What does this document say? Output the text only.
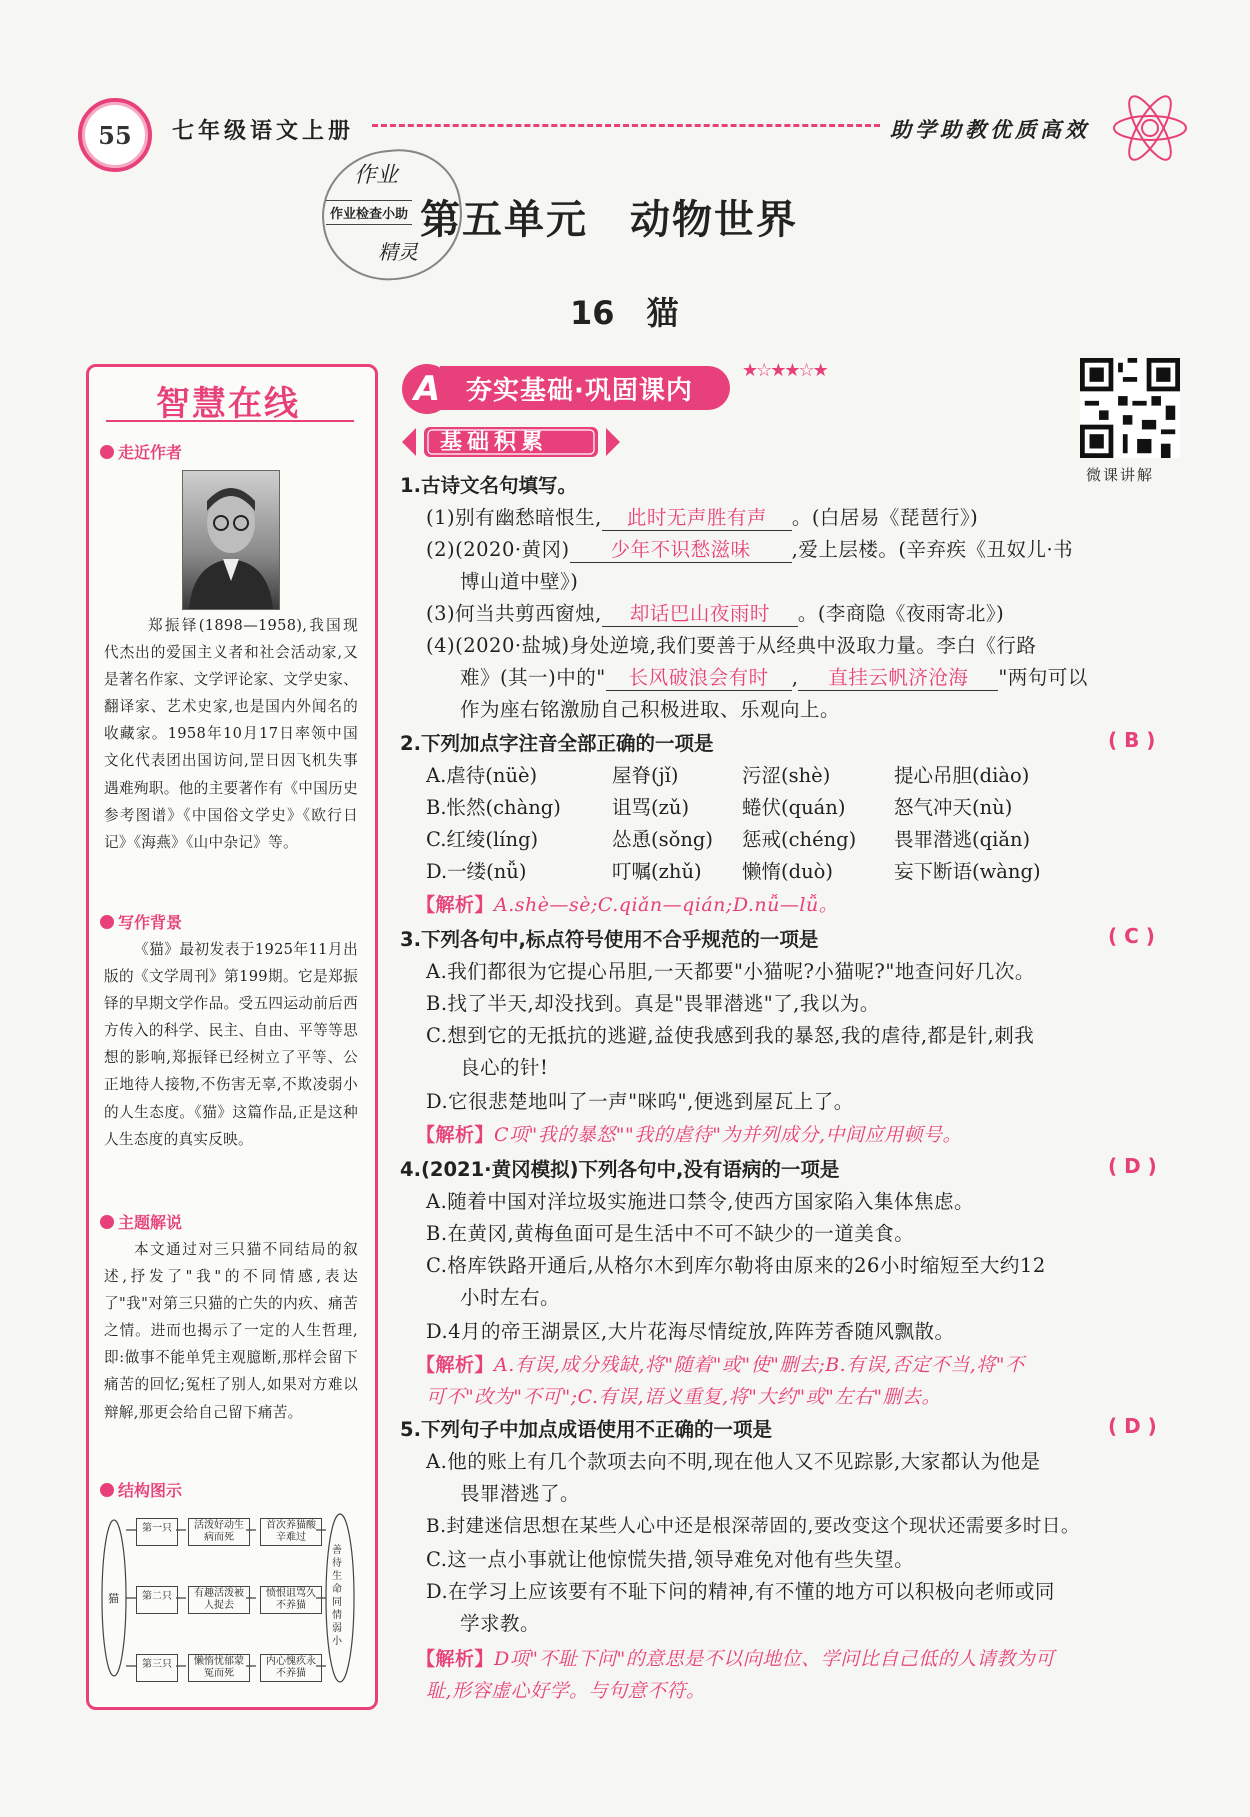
55 七年级语文上册	助学助教优质高效
作业
作业检查小助
精灵
第五单元　动物世界
16　猫
智慧在线
走近作者
郑振铎(1898—1958),我国现代杰出的爱国主义者和社会活动家,又是著名作家、文学评论家、文学史家、翻译家、艺术史家,也是国内外闻名的收藏家。1958年10月17日率领中国文化代表团出国访问,罡日因飞机失事遇难殉职。他的主要著作有《中国历史参考图谱》《中国俗文学史》《欧行日记》《海燕》《山中杂记》等。
写作背景
《猫》最初发表于1925年11月出版的《文学周刊》第199期。它是郑振铎的早期文学作品。受五四运动前后西方传入的科学、民主、自由、平等等思想的影响,郑振铎已经树立了平等、公正地待人接物,不伤害无辜,不欺凌弱小的人生态度。《猫》这篇作品,正是这种人生态度的真实反映。
主题解说
本文通过对三只猫不同结局的叙述,抒发了"我"的不同情感,表达了"我"对第三只猫的亡失的内疚、痛苦之情。进而也揭示了一定的人生哲理,即:做事不能单凭主观臆断,那样会留下痛苦的回忆;冤枉了别人,如果对方难以辩解,那更会给自己留下痛苦。
结构图示
猫
第一只	活泼好动生病而死
首次养猫酸辛难过
第二只	有趣活泼被人捉去
愤恨诅骂久不养猫
第三只	懒惰忧郁蒙冤而死
内心愧疚永不养猫
善待生命同情弱小
A 夯实基础·巩固课内
★☆★★☆★
微课讲解
基础积累
1.古诗文名句填写。
(1)别有幽愁暗恨生, 此时无声胜有声 。(白居易《琵琶行》)
(2)(2020·黄冈) 少年不识愁滋味 ,爱上层楼。(辛弃疾《丑奴儿·书
博山道中壁》)
(3)何当共剪西窗烛, 却话巴山夜雨时 。(李商隐《夜雨寄北》)
(4)(2020·盐城)身处逆境,我们要善于从经典中汲取力量。李白《行路
难》(其一)中的" 长风破浪会有时 , 直挂云帆济沧海 "两句可以
作为座右铭激励自己积极进取、乐观向上。
2.下列加点字注音全部正确的一项是	( B )
A.虐待(nüè)	屋脊(jǐ)	污涩(shè)	提心吊胆(diào)
B.怅然(chàng)	诅骂(zǔ)	蜷伏(quán)	怒气冲天(nù)
C.红绫(líng)	怂恿(sǒng)	惩戒(chéng)	畏罪潜逃(qiǎn)
D.一缕(nǚ)	叮嘱(zhǔ)	懒惰(duò)	妄下断语(wàng)
【解析】A.shè—sè;C.qiǎn—qián;D.nǚ—lǚ。
3.下列各句中,标点符号使用不合乎规范的一项是	( C )
A.我们都很为它提心吊胆,一天都要"小猫呢?小猫呢?"地查问好几次。
B.找了半天,却没找到。真是"畏罪潜逃"了,我以为。
C.想到它的无抵抗的逃避,益使我感到我的暴怒,我的虐待,都是针,刺我
良心的针!
D.它很悲楚地叫了一声"咪呜",便逃到屋瓦上了。
【解析】C项"我的暴怒""我的虐待"为并列成分,中间应用顿号。
4.(2021·黄冈模拟)下列各句中,没有语病的一项是	( D )
A.随着中国对洋垃圾实施进口禁令,使西方国家陷入集体焦虑。
B.在黄冈,黄梅鱼面可是生活中不可不缺少的一道美食。
C.格库铁路开通后,从格尔木到库尔勒将由原来的26小时缩短至大约12
小时左右。
D.4月的帝王湖景区,大片花海尽情绽放,阵阵芳香随风飘散。
【解析】A.有误,成分残缺,将"随着"或"使"删去;B.有误,否定不当,将"不
可不"改为"不可";C.有误,语义重复,将"大约"或"左右"删去。
5.下列句子中加点成语使用不正确的一项是	( D )
A.他的账上有几个款项去向不明,现在他人又不见踪影,大家都认为他是
畏罪潜逃了。
B.封建迷信思想在某些人心中还是根深蒂固的,要改变这个现状还需要多时日。
C.这一点小事就让他惊慌失措,领导难免对他有些失望。
D.在学习上应该要有不耻下问的精神,有不懂的地方可以积极向老师或同
学求教。
【解析】D项"不耻下问"的意思是不以向地位、学问比自己低的人请教为可
耻,形容虚心好学。与句意不符。
